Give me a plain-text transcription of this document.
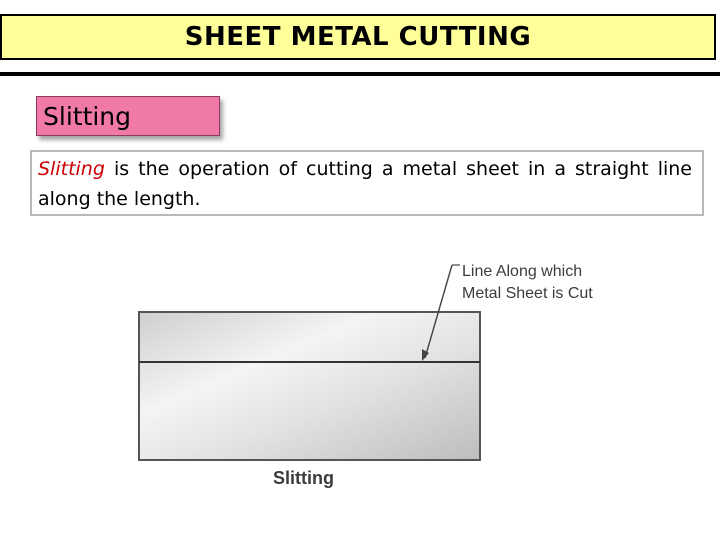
SHEET METAL CUTTING
Slitting

Slitting is the operation of cutting a metal sheet in a straight line along the length.

Line Along which
Metal Sheet is Cut
Slitting
